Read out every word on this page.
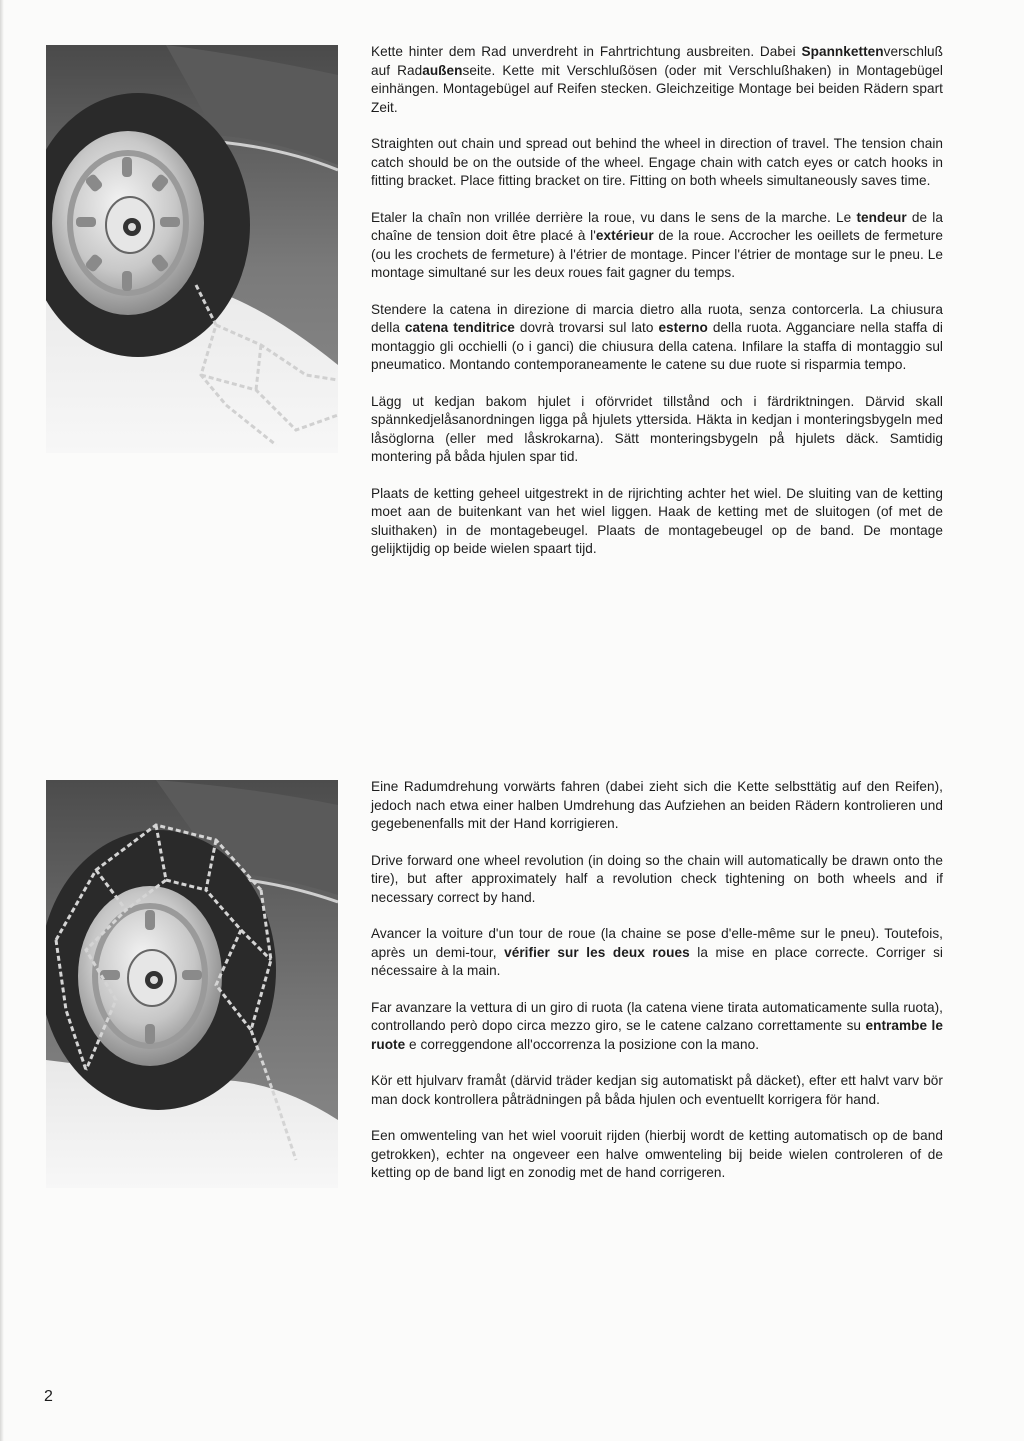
Kette hinter dem Rad unverdreht in Fahrtrichtung ausbreiten. Dabei Spannkettenverschluß auf Radaußenseite. Kette mit Verschlußösen (oder mit Verschlußhaken) in Montagebügel einhängen. Montagebügel auf Reifen stecken. Gleichzeitige Montage bei beiden Rädern spart Zeit.

Straighten out chain und spread out behind the wheel in direction of travel. The tension chain catch should be on the outside of the wheel. Engage chain with catch eyes or catch hooks in fitting bracket. Place fitting bracket on tire. Fitting on both wheels simultaneously saves time.

Etaler la chaîn non vrillée derrière la roue, vu dans le sens de la marche. Le tendeur de la chaîne de tension doit être placé à l'extérieur de la roue. Accrocher les oeillets de fermeture (ou les crochets de fermeture) à l'étrier de montage. Pincer l'étrier de montage sur le pneu. Le montage simultané sur les deux roues fait gagner du temps.

Stendere la catena in direzione di marcia dietro alla ruota, senza contorcerla. La chiusura della catena tenditrice dovrà trovarsi sul lato esterno della ruota. Agganciare nella staffa di montaggio gli occhielli (o i ganci) die chiusura della catena. Infilare la staffa di montaggio sul pneumatico. Montando contemporaneamente le catene su due ruote si risparmia tempo.

Lägg ut kedjan bakom hjulet i oförvridet tillstånd och i färdriktningen. Därvid skall spännkedjelåsanordningen ligga på hjulets yttersida. Häkta in kedjan i monteringsbygeln med låsöglorna (eller med låskrokarna). Sätt monteringsbygeln på hjulets däck. Samtidig montering på båda hjulen spar tid.

Plaats de ketting geheel uitgestrekt in de rijrichting achter het wiel. De sluiting van de ketting moet aan de buitenkant van het wiel liggen. Haak de ketting met de sluitogen (of met de sluithaken) in de montagebeugel. Plaats de montagebeugel op de band. De montage gelijktijdig op beide wielen spaart tijd.

Eine Radumdrehung vorwärts fahren (dabei zieht sich die Kette selbsttätig auf den Reifen), jedoch nach etwa einer halben Umdrehung das Aufziehen an beiden Rädern kontrolieren und gegebenenfalls mit der Hand korrigieren.

Drive forward one wheel revolution (in doing so the chain will automatically be drawn onto the tire), but after approximately half a revolution check tightening on both wheels and if necessary correct by hand.

Avancer la voiture d'un tour de roue (la chaine se pose d'elle-même sur le pneu). Toutefois, après un demi-tour, vérifier sur les deux roues la mise en place correcte. Corriger si nécessaire à la main.

Far avanzare la vettura di un giro di ruota (la catena viene tirata automaticamente sulla ruota), controllando però dopo circa mezzo giro, se le catene calzano correttamente su entrambe le ruote e correggendone all'occorrenza la posizione con la mano.

Kör ett hjulvarv framåt (därvid träder kedjan sig automatiskt på däcket), efter ett halvt varv bör man dock kontrollera påträdningen på båda hjulen och eventuellt korrigera för hand.

Een omwenteling van het wiel vooruit rijden (hierbij wordt de ketting automatisch op de band getrokken), echter na ongeveer een halve omwenteling bij beide wielen controleren of de ketting op de band ligt en zonodig met de hand corrigeren.

2
